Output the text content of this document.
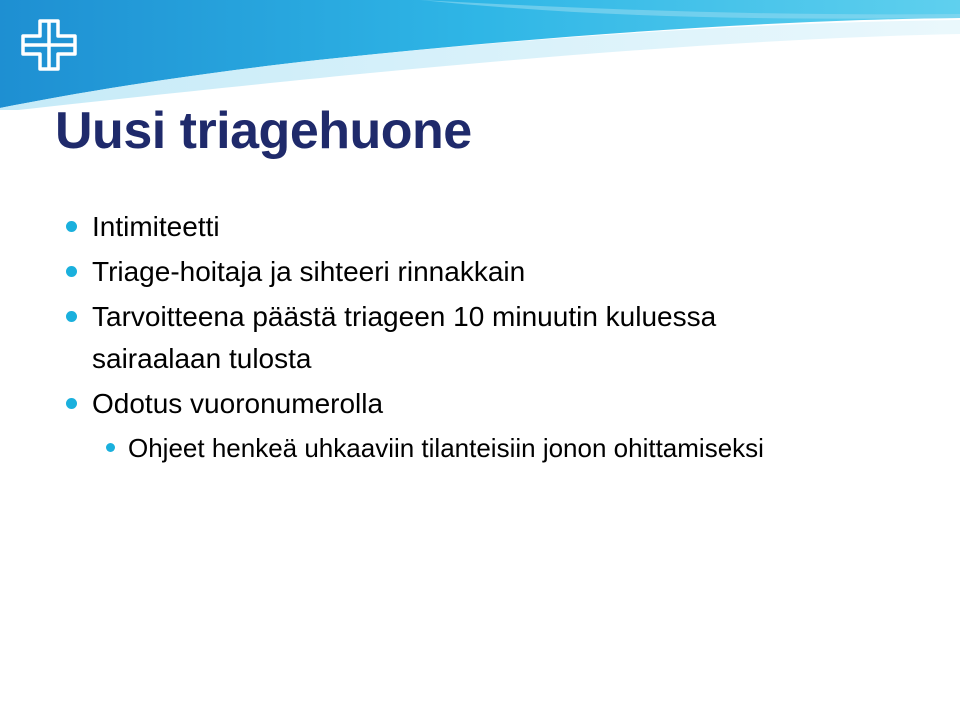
Uusi triagehuone
Intimiteetti
Triage-hoitaja ja sihteeri rinnakkain
Tarvoitteena päästä triageen 10 minuutin kuluessa sairaalaan tulosta
Odotus vuoronumerolla
Ohjeet henkeä uhkaaviin tilanteisiin jonon ohittamiseksi
